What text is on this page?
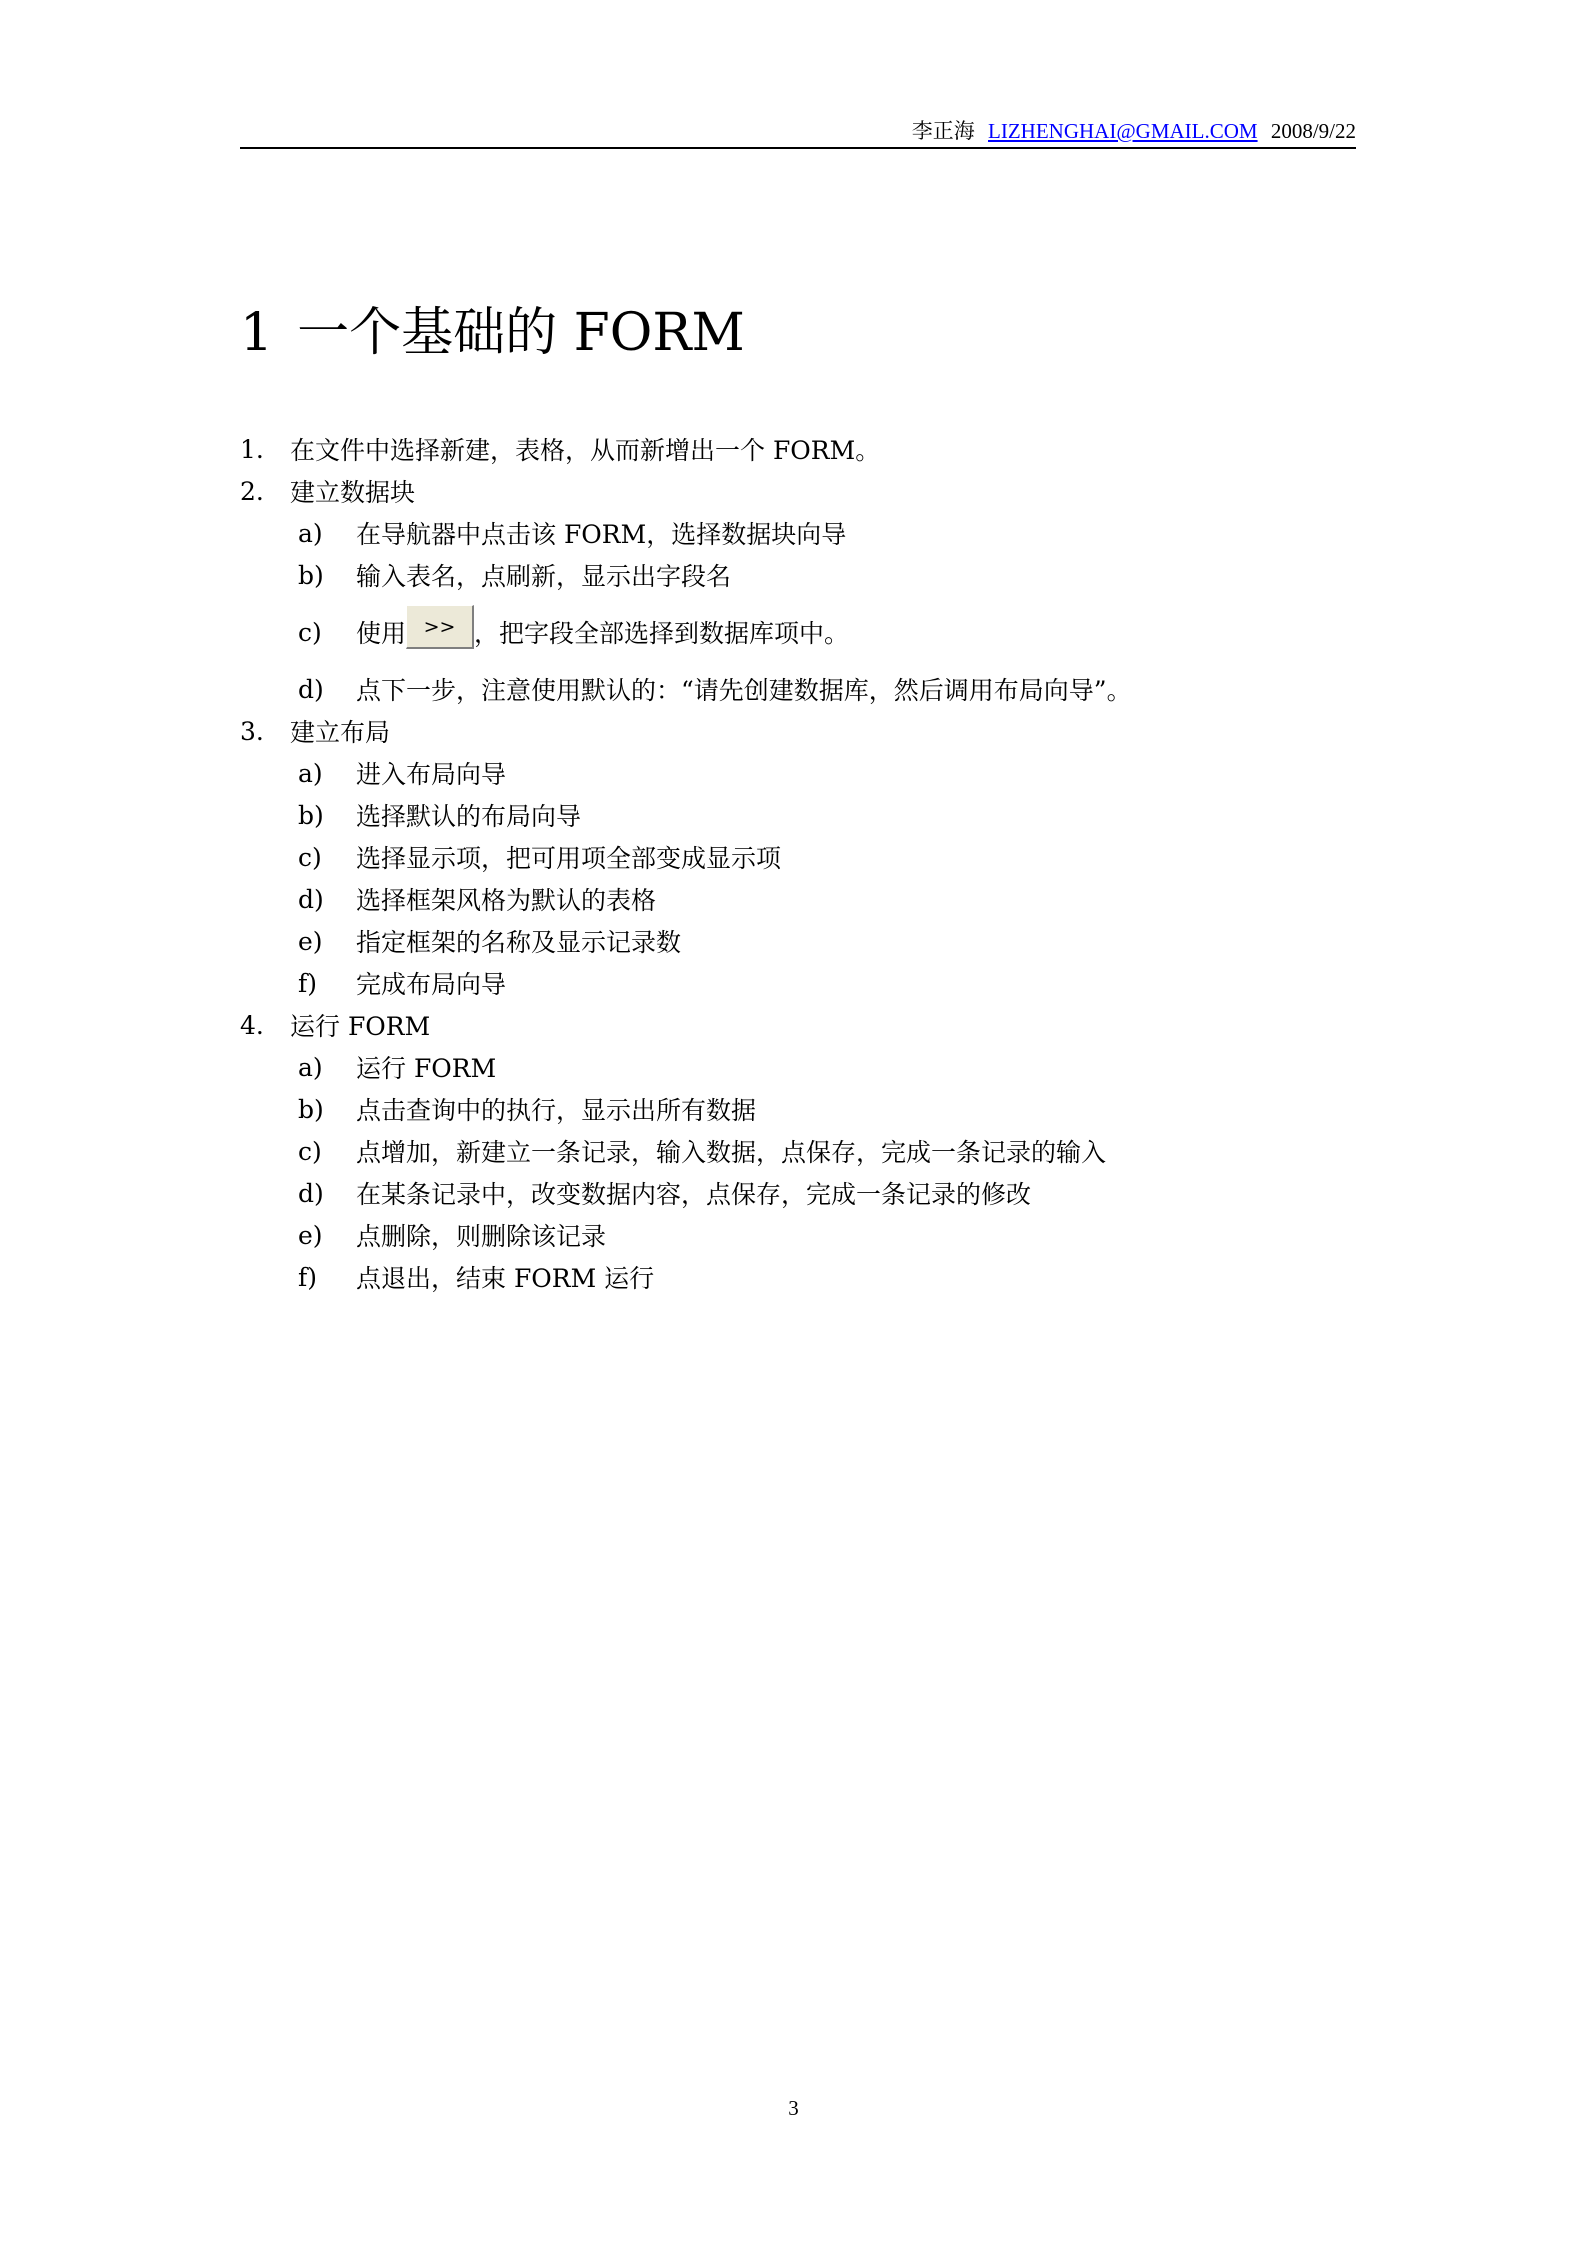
李正海 LIZHENGHAI@GMAIL.COM 2008/9/22
1 一个基础的 FORM
1.	在文件中选择新建，表格，从而新增出一个 FORM。
2.	建立数据块
a)	在导航器中点击该 FORM，选择数据块向导
b)	输入表名，点刷新，显示出字段名
c)	使用 >> ，把字段全部选择到数据库项中。
d)	点下一步，注意使用默认的：“请先创建数据库，然后调用布局向导”。
3.	建立布局
a)	进入布局向导
b)	选择默认的布局向导
c)	选择显示项，把可用项全部变成显示项
d)	选择框架风格为默认的表格
e)	指定框架的名称及显示记录数
f)	完成布局向导
4.	运行 FORM
a)	运行 FORM
b)	点击查询中的执行，显示出所有数据
c)	点增加，新建立一条记录，输入数据，点保存，完成一条记录的输入
d)	在某条记录中，改变数据内容，点保存，完成一条记录的修改
e)	点删除，则删除该记录
f)	点退出，结束 FORM 运行
3
